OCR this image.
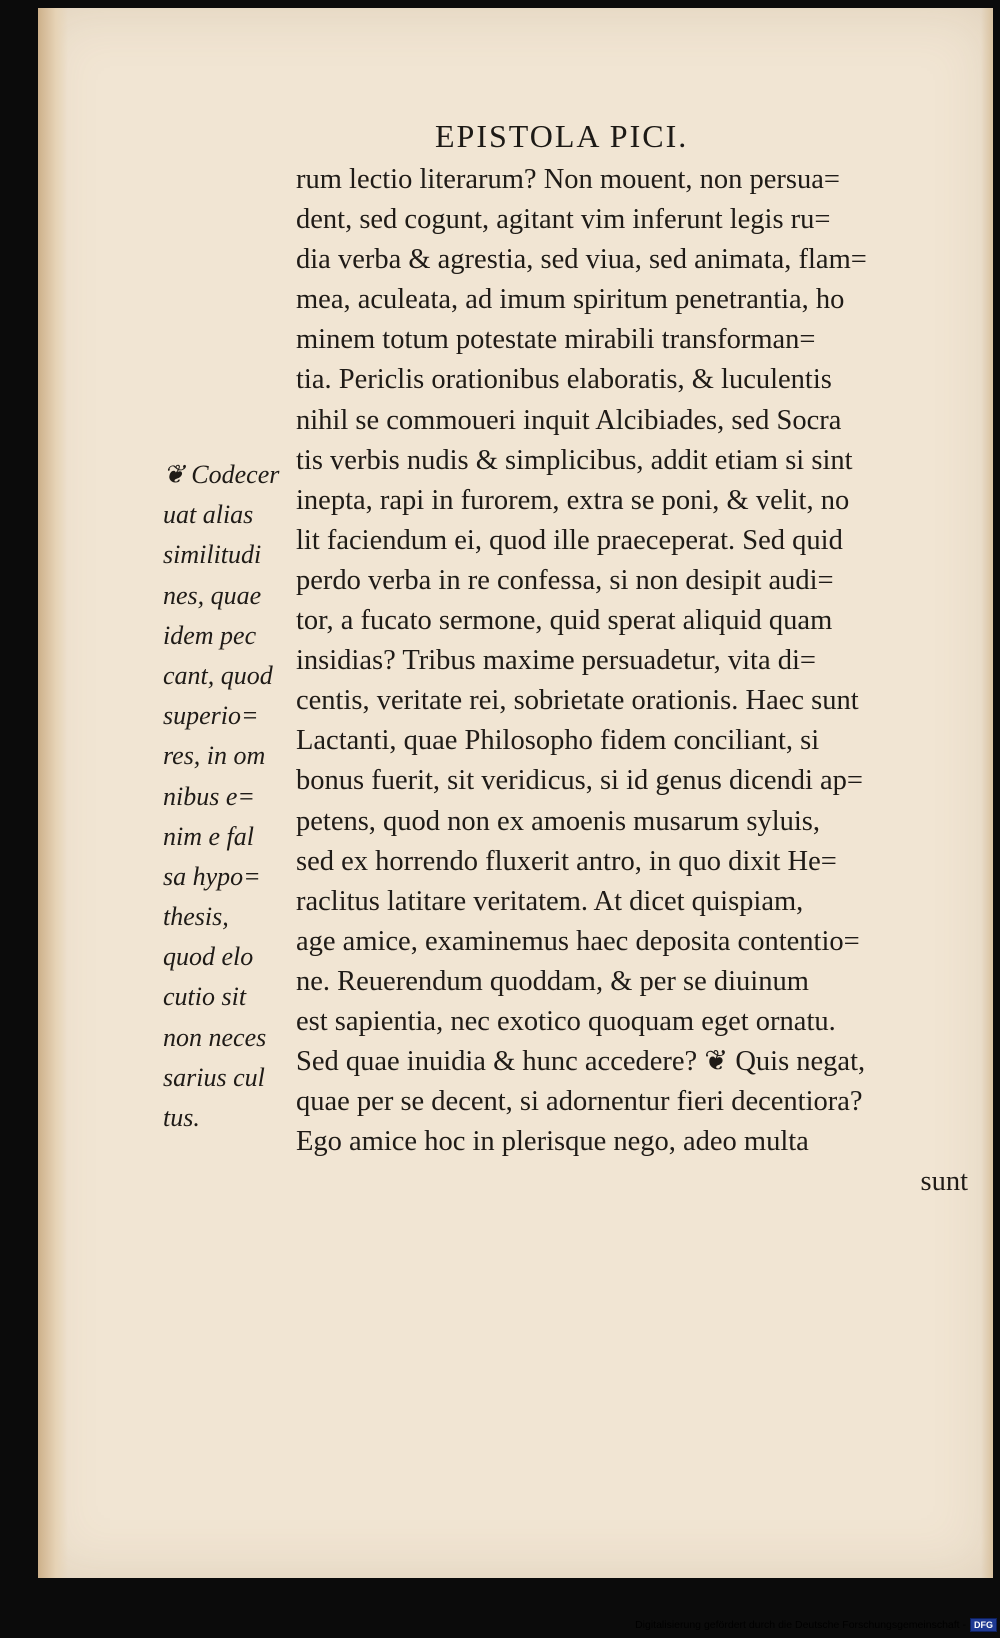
EPISTOLA PICI.
rum lectio literarum? Non mouent, non persua=
dent, sed cogunt, agitant vim inferunt legis ru=
dia verba & agrestia, sed viua, sed animata, flam=
mea, aculeata, ad imum spiritum penetrantia, ho
minem totum potestate mirabili transforman=
tia. Periclis orationibus elaboratis, & luculentis
nihil se commoueri inquit Alcibiades, sed Socra
tis verbis nudis & simplicibus, addit etiam si sint
inepta, rapi in furorem, extra se poni, & velit, no
lit faciendum ei, quod ille praeceperat. Sed quid
perdo verba in re confessa, si non desipit audi=
tor, a fucato sermone, quid sperat aliquid quam
insidias? Tribus maxime persuadetur, vita di=
centis, veritate rei, sobrietate orationis. Haec sunt
Lactanti, quae Philosopho fidem conciliant, si
bonus fuerit, sit veridicus, si id genus dicendi ap=
petens, quod non ex amoenis musarum syluis,
sed ex horrendo fluxerit antro, in quo dixit He=
raclitus latitare veritatem. At dicet quispiam,
age amice, examinemus haec deposita contentio=
ne. Reuerendum quoddam, & per se diuinum
est sapientia, nec exotico quoquam eget ornatu.
Sed quae inuidia & hunc accedere? ❦ Quis negat,
quae per se decent, si adornentur fieri decentiora?
Ego amice hoc in plerisque nego, adeo multa
sunt
❦ Codecer
uat alias
similitudi
nes, quae
idem pec
cant, quod
superio=
res, in om
nibus e=
nim e fal
sa hypo=
thesis,
quod elo
cutio sit
non neces
sarius cul
tus.
Digitalisierung gefördert durch die Deutsche Forschungsgemeinschaft - DFG
